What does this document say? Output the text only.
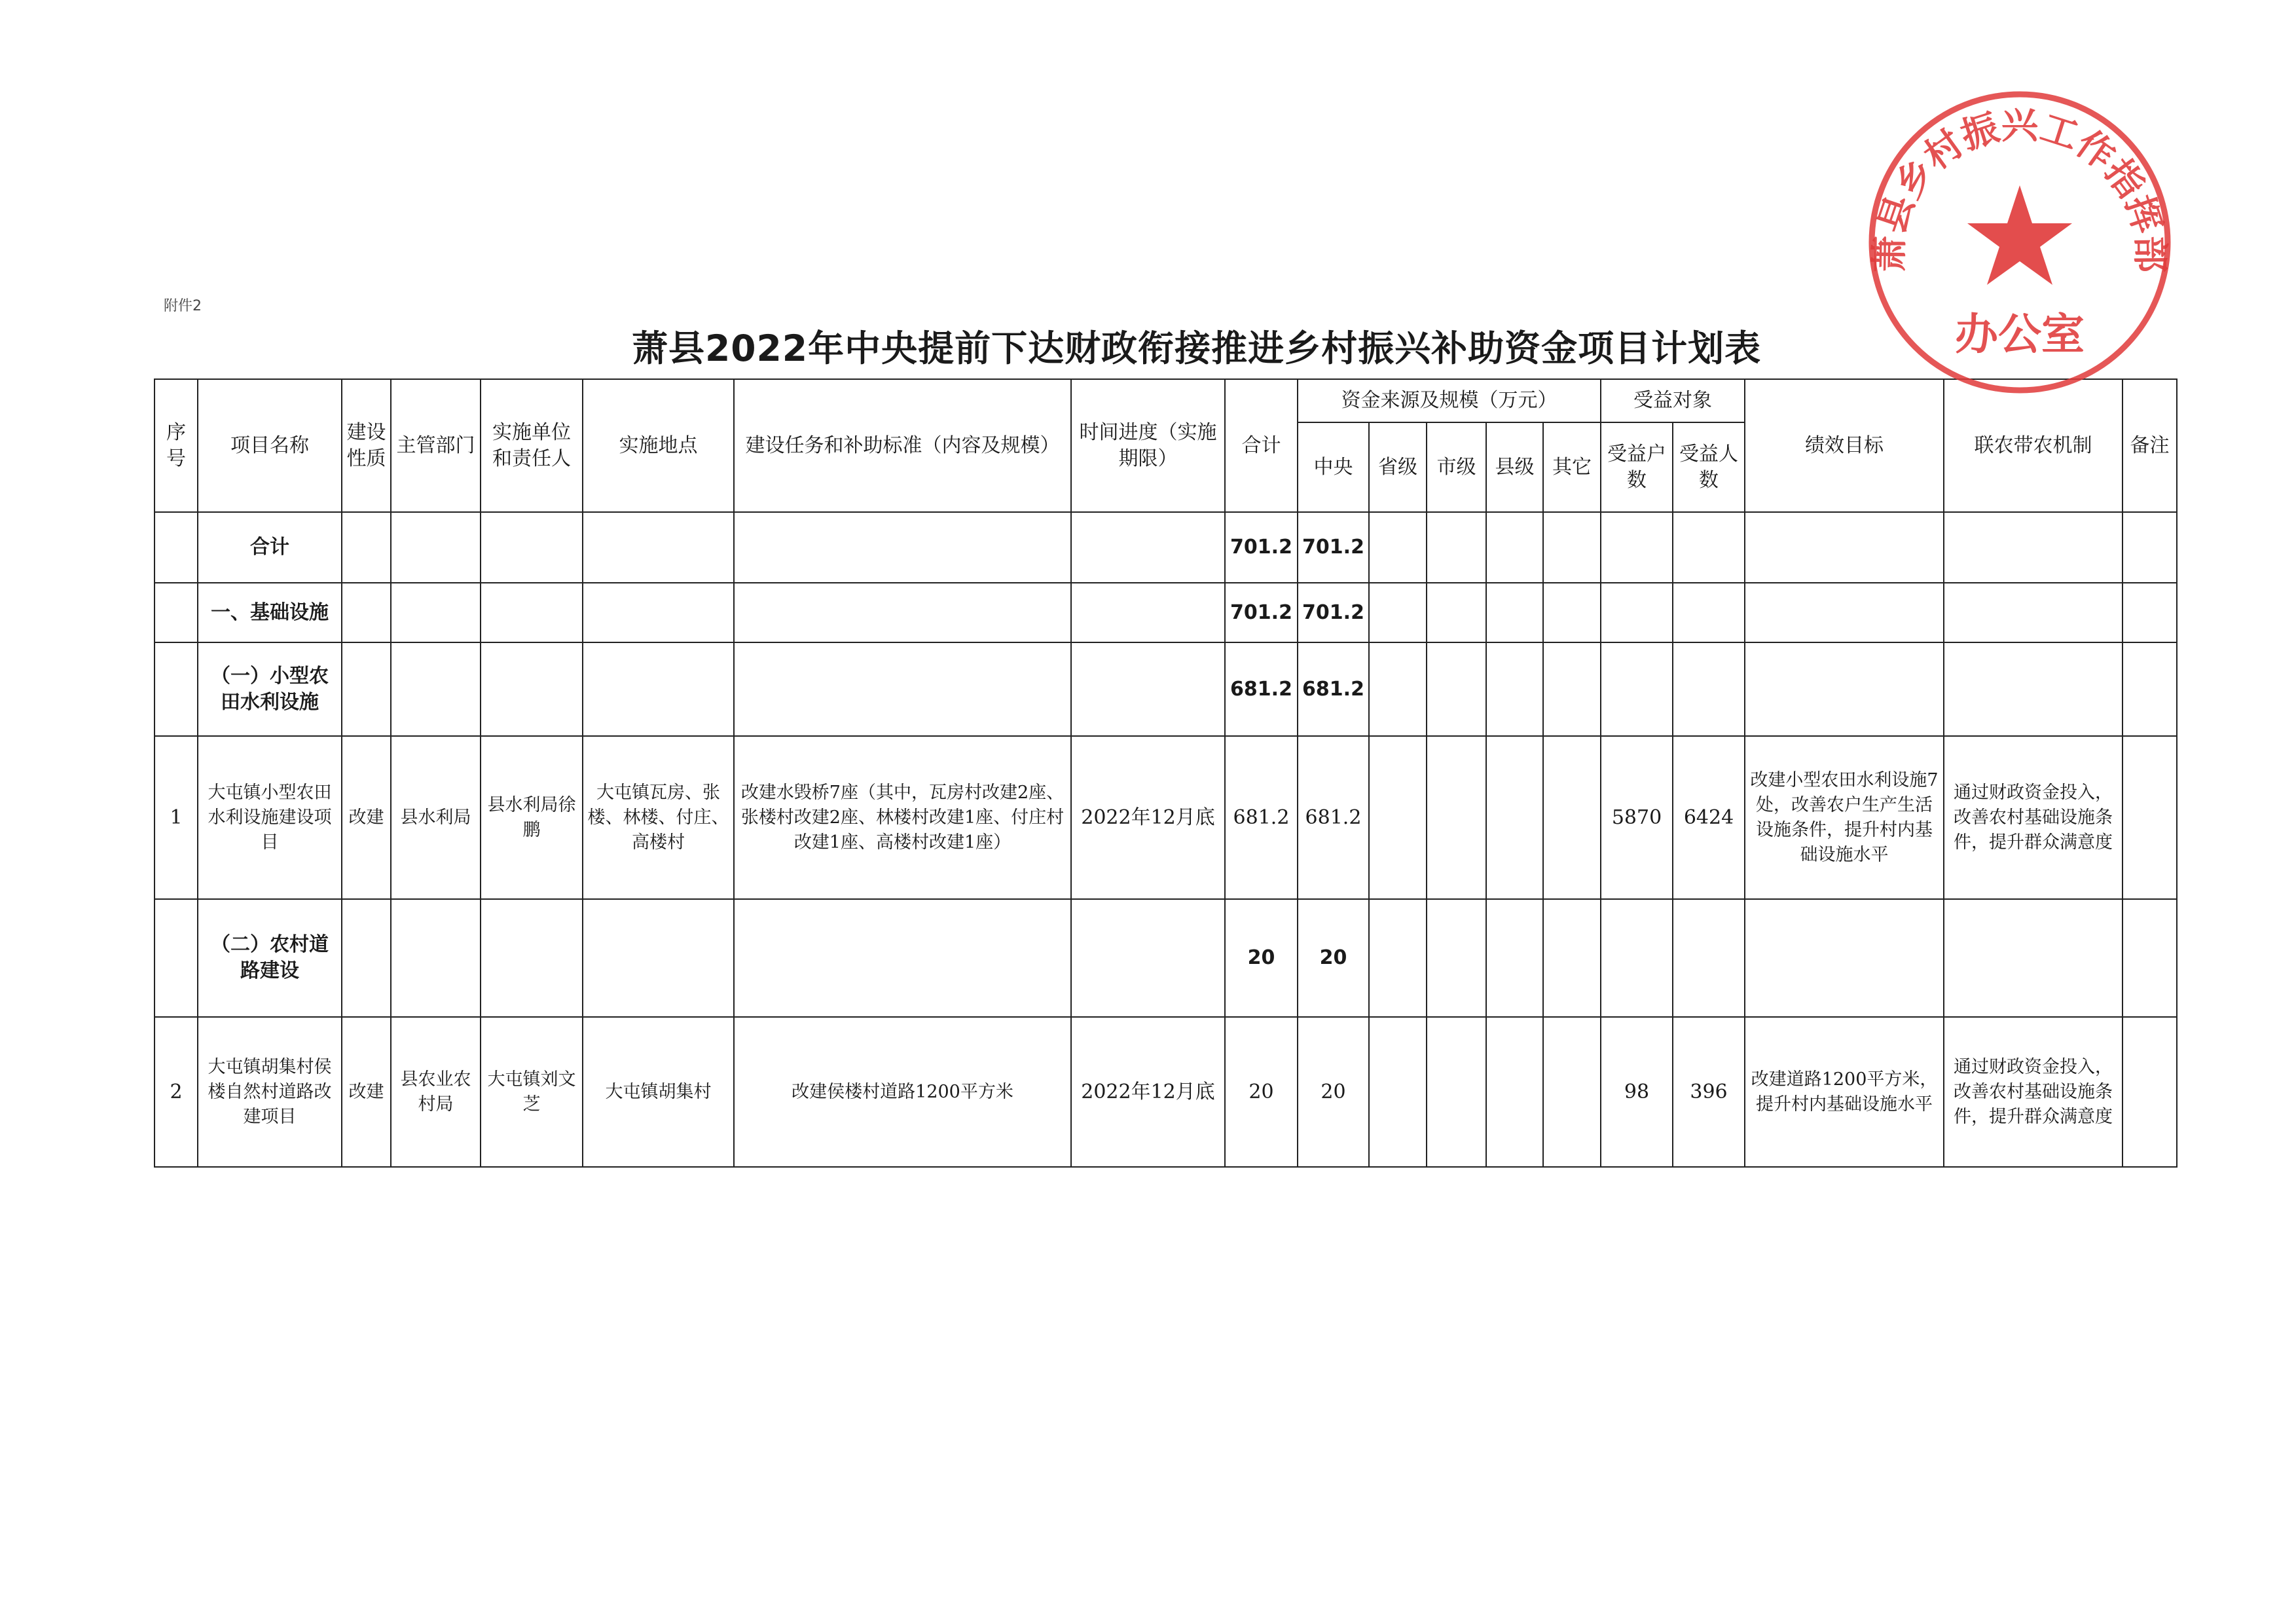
附件2
萧县2022年中央提前下达财政衔接推进乡村振兴补助资金项目计划表
序号	项目名称	建设性质	主管部门	实施单位和责任人	实施地点	建设任务和补助标准（内容及规模）	时间进度（实施期限）	合计	资金来源及规模（万元）					受益对象		绩效目标	联农带农机制	备注
									中央	省级	市级	县级	其它	受益户数	受益人数			
	合计							701.2	701.2									
	一、基础设施							701.2	701.2									
	（一）小型农田水利设施							681.2	681.2									
1	大屯镇小型农田水利设施建设项目	改建	县水利局	县水利局徐鹏	大屯镇瓦房、张楼、林楼、付庄、高楼村	改建水毁桥7座（其中，瓦房村改建2座、张楼村改建2座、林楼村改建1座、付庄村改建1座、高楼村改建1座）	2022年12月底	681.2	681.2					5870	6424	改建小型农田水利设施7处，改善农户生产生活设施条件，提升村内基础设施水平	通过财政资金投入，改善农村基础设施条件，提升群众满意度	
	（二）农村道路建设							20	20									
2	大屯镇胡集村侯楼自然村道路改建项目	改建	县农业农村局	大屯镇刘文芝	大屯镇胡集村	改建侯楼村道路1200平方米	2022年12月底	20	20					98	396	改建道路1200平方米，提升村内基础设施水平	通过财政资金投入，改善农村基础设施条件，提升群众满意度	
萧县乡村振兴工作指挥部
办公室
